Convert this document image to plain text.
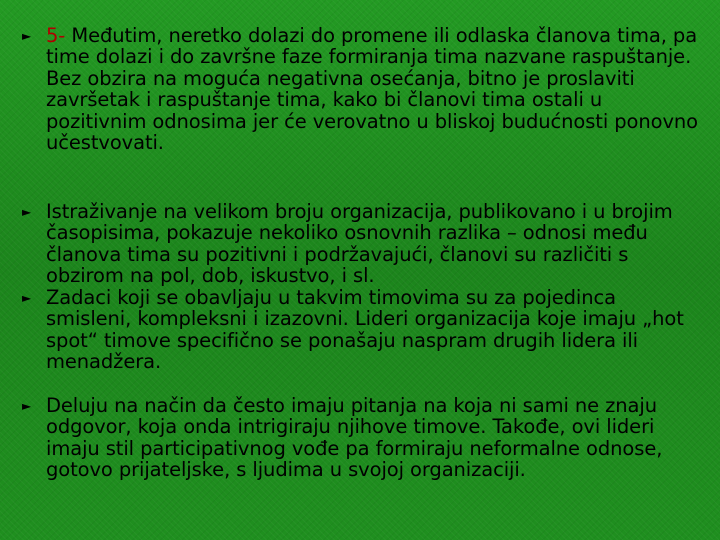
► 5- Međutim, neretko dolazi do promene ili odlaska članova tima, pa time dolazi i do završne faze formiranja tima nazvane raspuštanje. Bez obzira na moguća negativna osećanja, bitno je proslaviti završetak i raspuštanje tima, kako bi članovi tima ostali u pozitivnim odnosima jer će verovatno u bliskoj budućnosti ponovno učestvovati.
► Istraživanje na velikom broju organizacija, publikovano i u brojim časopisima, pokazuje nekoliko osnovnih razlika – odnosi među članova tima su pozitivni i podržavajući, članovi su različiti s obzirom na pol, dob, iskustvo, i sl.
► Zadaci koji se obavljaju u takvim timovima su za pojedinca smisleni, kompleksni i izazovni. Lideri organizacija koje imaju „hot spot“ timove specifično se ponašaju naspram drugih lidera ili menadžera.
► Deluju na način da često imaju pitanja na koja ni sami ne znaju odgovor, koja onda intrigiraju njihove timove. Takođe, ovi lideri imaju stil participativnog vođe pa formiraju neformalne odnose, gotovo prijateljske, s ljudima u svojoj organizaciji.
